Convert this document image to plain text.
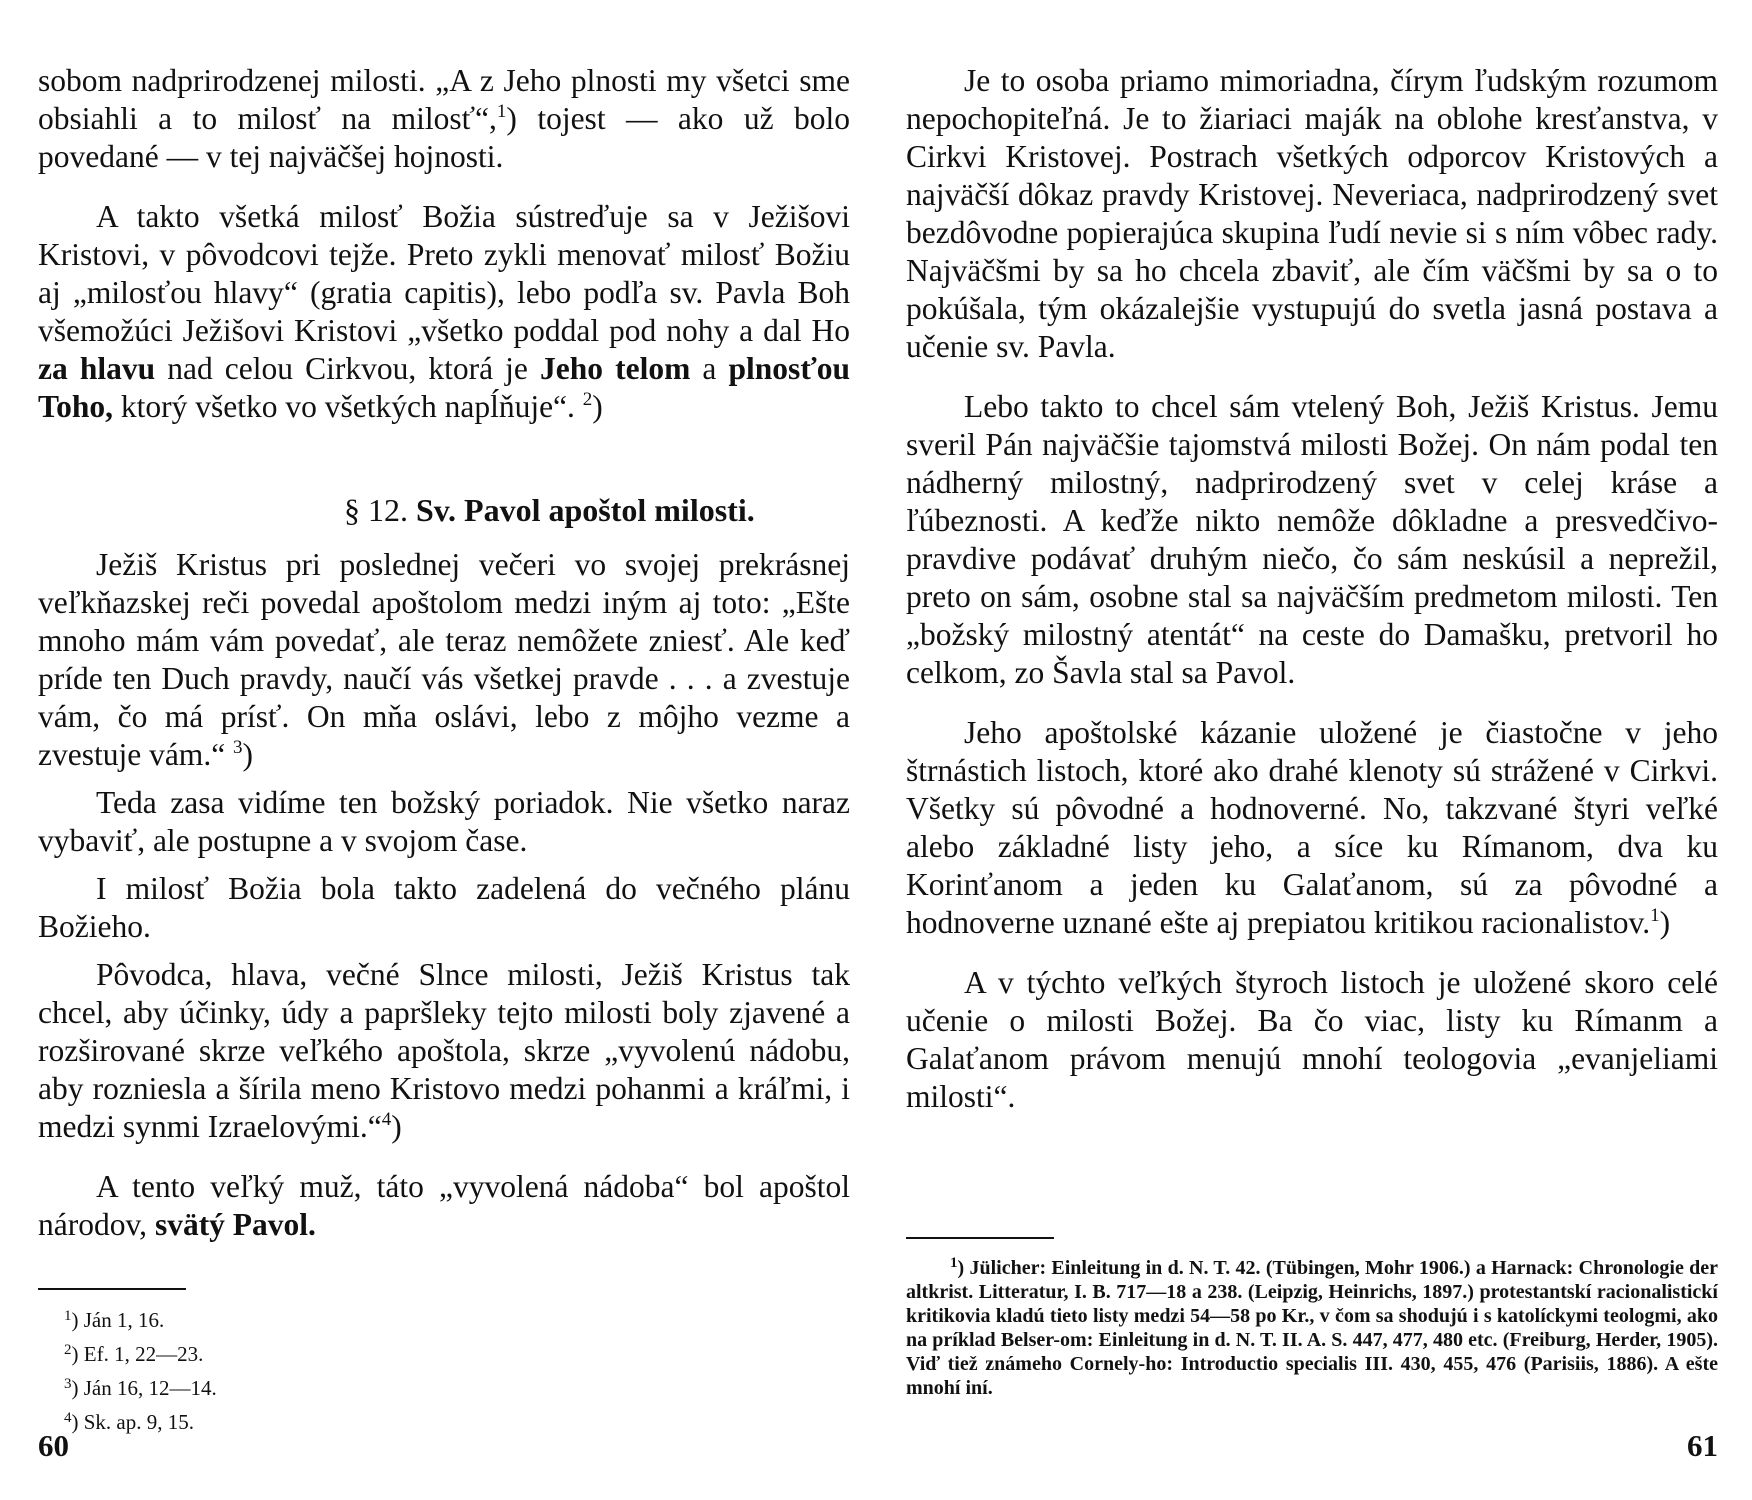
sobom nadprirodzenej milosti. „A z Jeho plnosti my všetci sme obsiahli a to milosť na milosť“,$^1$) tojest — ako už bolo povedané — v tej najväčšej hojnosti.

A takto všetká milosť Božia sústreďuje sa v Ježišovi Kristovi, v pôvodcovi tejže. Preto zykli menovať milosť Božiu aj „milosťou hlavy“ (gratia capitis), lebo podľa sv. Pavla Boh všemožúci Ježišovi Kristovi „všetko poddal pod nohy a dal Ho za hlavu nad celou Cirkvou, ktorá je Jeho telom a plnosťou Toho, ktorý všetko vo všetkých napĺňuje“. $^2$)

§ 12. Sv. Pavol apoštol milosti.

Ježiš Kristus pri poslednej večeri vo svojej prekrásnej veľkňazskej reči povedal apoštolom medzi iným aj toto: „Ešte mnoho mám vám povedať, ale teraz nemôžete zniesť. Ale keď príde ten Duch pravdy, naučí vás všetkej pravde . . . a zvestuje vám, čo má prísť. On mňa oslávi, lebo z môjho vezme a zvestuje vám.“ $^3$)

Teda zasa vidíme ten božský poriadok. Nie všetko naraz vybaviť, ale postupne a v svojom čase.

I milosť Božia bola takto zadelená do večného plánu Božieho.

Pôvodca, hlava, večné Slnce milosti, Ježiš Kristus tak chcel, aby účinky, údy a papršleky tejto milosti boly zjavené a rozširované skrze veľkého apoštola, skrze „vyvolenú nádobu, aby rozniesla a šírila meno Kristovo medzi pohanmi a kráľmi, i medzi synmi Izraelovými.“$^4$)

A tento veľký muž, táto „vyvolená nádoba“ bol apoštol národov, svätý Pavol.

$^1$) Ján 1, 16.
$^2$) Ef. 1, 22—23.
$^3$) Ján 16, 12—14.
$^4$) Sk. ap. 9, 15.
60

Je to osoba priamo mimoriadna, čírym ľudským rozumom nepochopiteľná. Je to žiariaci maják na oblohe kresťanstva, v Cirkvi Kristovej. Postrach všetkých odporcov Kristových a najväčší dôkaz pravdy Kristovej. Neveriaca, nadprirodzený svet bezdôvodne popierajúca skupina ľudí nevie si s ním vôbec rady. Najväčšmi by sa ho chcela zbaviť, ale čím väčšmi by sa o to pokúšala, tým okázalejšie vystupujú do svetla jasná postava a učenie sv. Pavla.

Lebo takto to chcel sám vtelený Boh, Ježiš Kristus. Jemu sveril Pán najväčšie tajomstvá milosti Božej. On nám podal ten nádherný milostný, nadprirodzený svet v celej kráse a ľúbeznosti. A keďže nikto nemôže dôkladne a presvedčivo-pravdive podávať druhým niečo, čo sám neskúsil a neprežil, preto on sám, osobne stal sa najväčším predmetom milosti. Ten „božský milostný atentát“ na ceste do Damašku, pretvoril ho celkom, zo Šavla stal sa Pavol.

Jeho apoštolské kázanie uložené je čiastočne v jeho štrnástich listoch, ktoré ako drahé klenoty sú strážené v Cirkvi. Všetky sú pôvodné a hodnoverné. No, takzvané štyri veľké alebo základné listy jeho, a síce ku Rímanom, dva ku Korinťanom a jeden ku Galaťanom, sú za pôvodné a hodnoverne uznané ešte aj prepiatou kritikou racionalistov.$^1$)

A v týchto veľkých štyroch listoch je uložené skoro celé učenie o milosti Božej. Ba čo viac, listy ku Rímanm a Galaťanom právom menujú mnohí teologovia „evanjeliami milosti“.

$^1$) Jülicher: Einleitung in d. N. T. 42. (Tübingen, Mohr 1906.) a Harnack: Chronologie der altkrist. Litteratur, I. B. 717—18 a 238. (Leipzig, Heinrichs, 1897.) protestantskí racionalistickí kritikovia kladú tieto listy medzi 54—58 po Kr., v čom sa shodujú i s katolíckymi teologmi, ako na príklad Belser-om: Einleitung in d. N. T. II. A. S. 447, 477, 480 etc. (Freiburg, Herder, 1905). Viď tiež známeho Cornely-ho: Introductio specialis III. 430, 455, 476 (Parisiis, 1886). A ešte mnohí iní.

61
